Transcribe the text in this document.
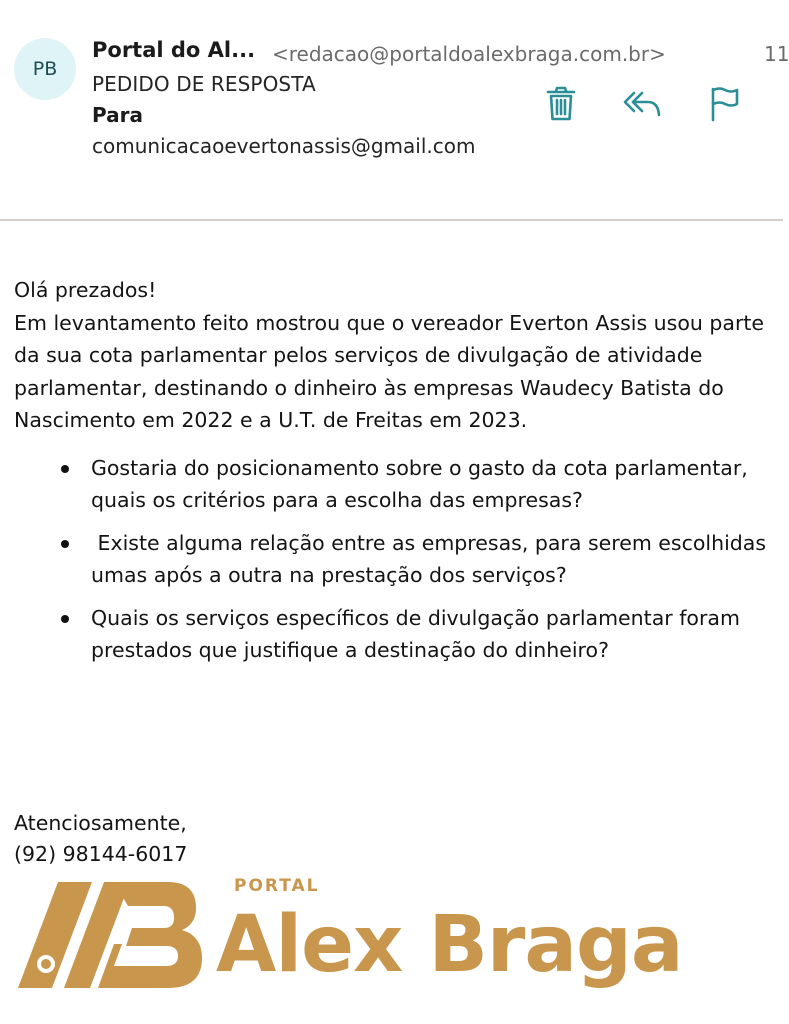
PB
Portal do Al... <redacao@portaldoalexbraga.com.br>	11
PEDIDO DE RESPOSTA
Para
comunicacaoevertonassis@gmail.com

Olá prezados!

Em levantamento feito mostrou que o vereador Everton Assis usou parte da sua cota parlamentar pelos serviços de divulgação de atividade parlamentar, destinando o dinheiro às empresas Waudecy Batista do Nascimento em 2022 e a U.T. de Freitas em 2023.

Gostaria do posicionamento sobre o gasto da cota parlamentar, quais os critérios para a escolha das empresas?
Existe alguma relação entre as empresas, para serem escolhidas umas após a outra na prestação dos serviços?
Quais os serviços específicos de divulgação parlamentar foram prestados que justifique a destinação do dinheiro?
Atenciosamente,
(92) 98144-6017
PORTAL
Alex Braga
